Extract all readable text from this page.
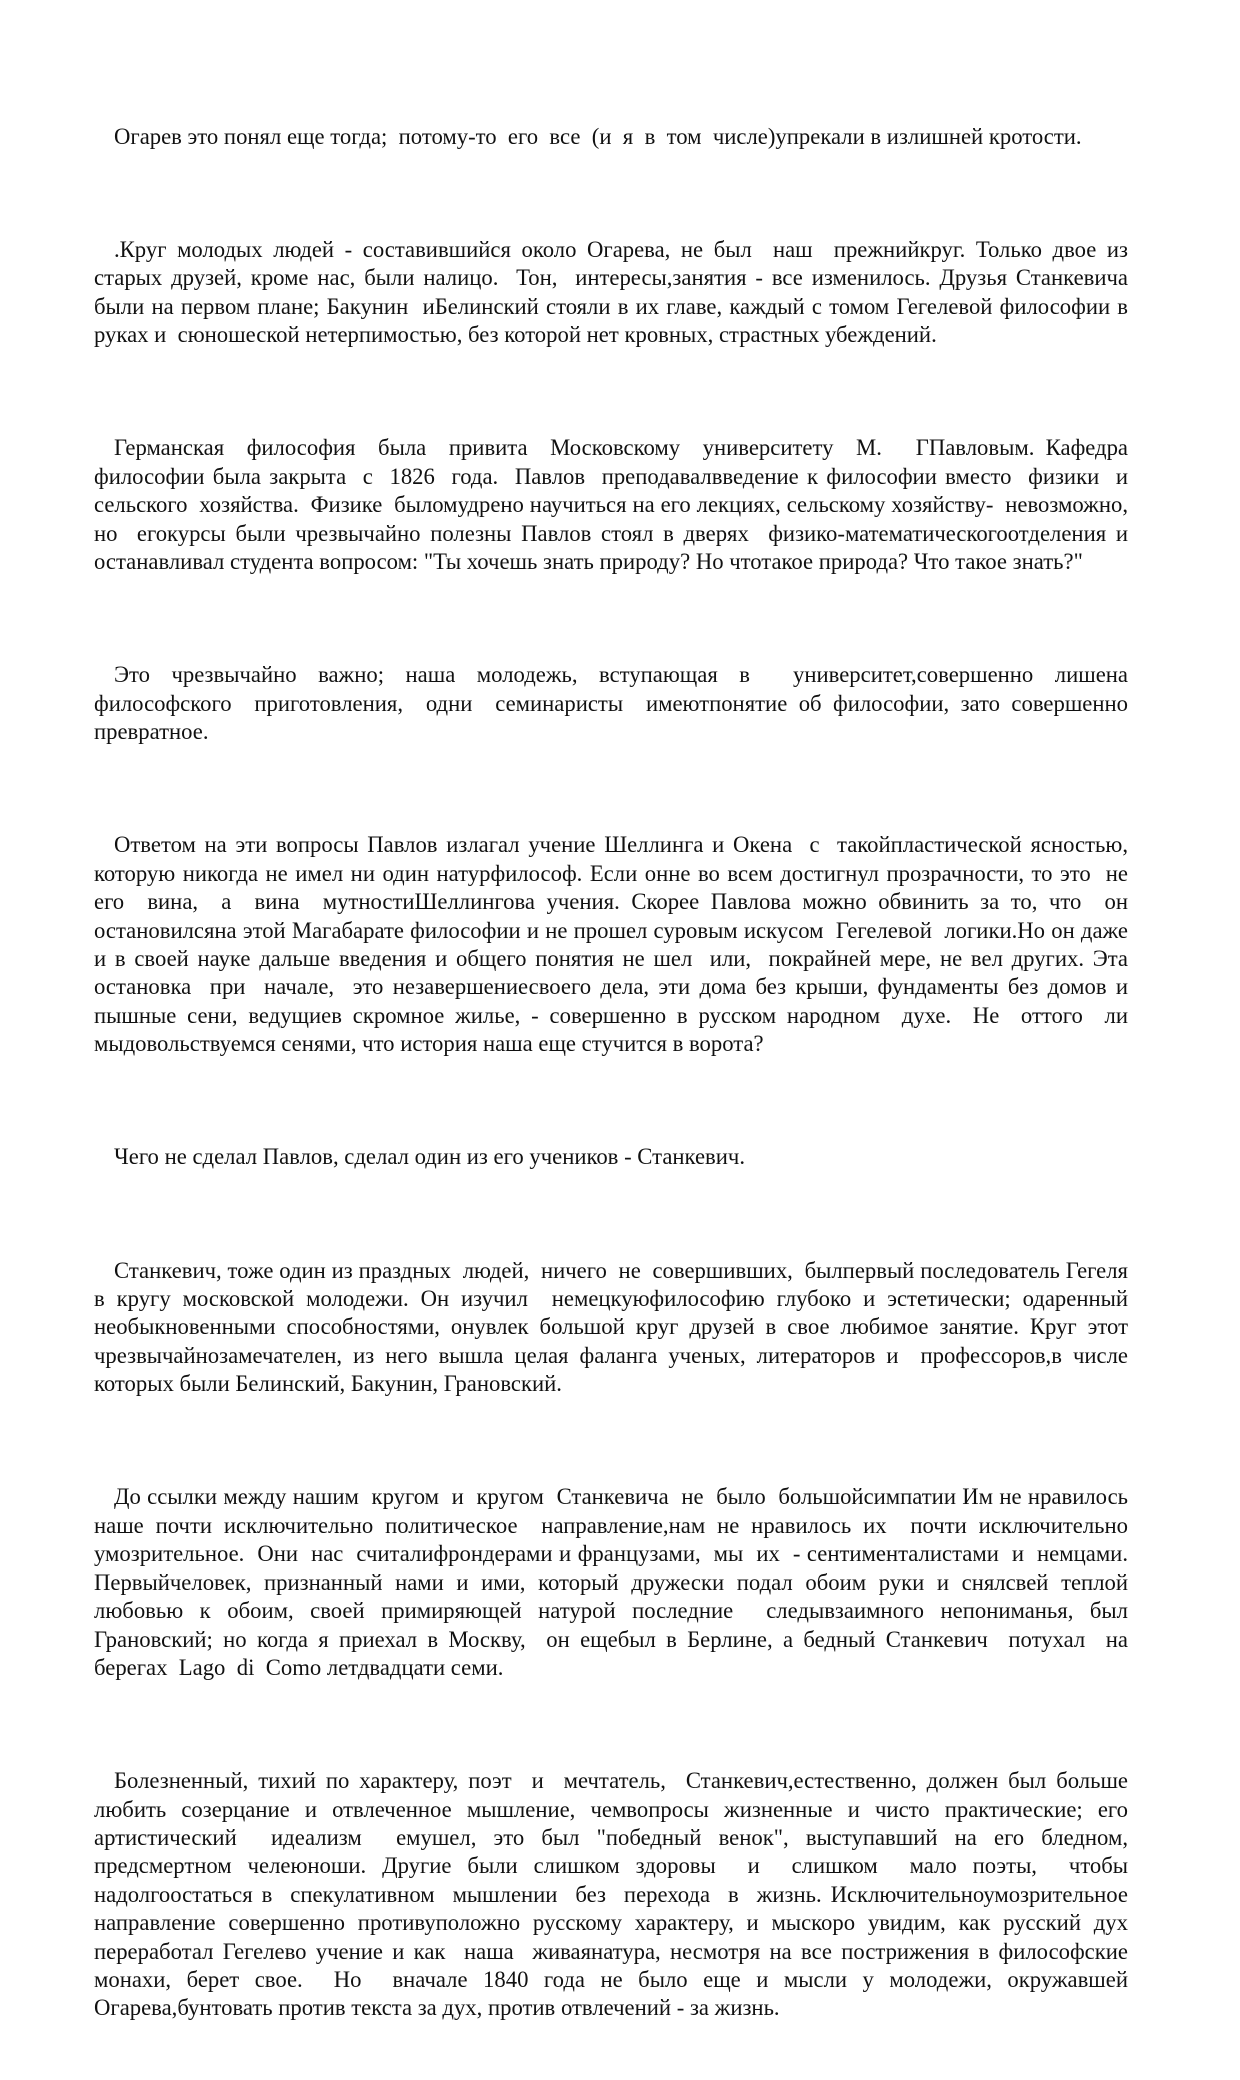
Огарев это понял еще тогда;  потому-то  его  все  (и  я  в  том  числе)упрекали в излишней кротости.

.Круг молодых людей - составившийся около Огарева, не был  наш  прежнийкруг. Только двое из старых друзей, кроме нас, были налицо.  Тон,  интересы,занятия - все изменилось. Друзья Станкевича были на первом плане; Бакунин  иБелинский стояли в их главе, каждый с томом Гегелевой философии в руках и  сюношеской нетерпимостью, без которой нет кровных, страстных убеждений.

Германская  философия  была  привита  Московскому  университету  М.   ГПавловым. Кафедра философии была закрыта  с  1826  года.  Павлов  преподавалвведение к философии вместо  физики  и  сельского  хозяйства.  Физике  быломудрено научиться на его лекциях, сельскому хозяйству-  невозможно,  но  егокурсы были чрезвычайно полезны Павлов стоял в дверях  физико-математическогоотделения и останавливал студента вопросом: "Ты хочешь знать природу? Но чтотакое природа? Что такое знать?"

Это чрезвычайно важно; наша молодежь, вступающая в  университет,совершенно лишена философского  приготовления,  одни  семинаристы  имеютпонятие об философии, зато совершенно превратное.

Ответом на эти вопросы Павлов излагал учение Шеллинга и Окена  с  такойпластической ясностью, которую никогда не имел ни один натурфилософ. Если онне во всем достигнул прозрачности, то это  не  его  вина,  а  вина  мутностиШеллингова учения. Скорее Павлова можно обвинить за то, что  он  остановилсяна этой Магабарате философии и не прошел суровым искусом  Гегелевой  логики.Но он даже и в своей науке дальше введения и общего понятия не шел  или,  покрайней мере, не вел других. Эта  остановка  при  начале,  это незавершениесвоего дела, эти дома без крыши, фундаменты без домов и пышные сени, ведущиев скромное жилье, - совершенно в русском народном  духе.  Не  оттого  ли мыдовольствуемся сенями, что история наша еще стучится в ворота?

Чего не сделал Павлов, сделал один из его учеников - Станкевич.

Станкевич, тоже один из праздных  людей,  ничего  не  совершивших,  былпервый последователь Гегеля в кругу московской молодежи. Он изучил  немецкуюфилософию глубоко и эстетически; одаренный необыкновенными способностями, онувлек большой круг друзей в свое любимое занятие. Круг этот чрезвычайнозамечателен, из него вышла целая фаланга ученых, литераторов и  профессоров,в числе которых были Белинский, Бакунин, Грановский.

До ссылки между нашим  кругом  и  кругом  Станкевича  не  было  большойсимпатии Им не нравилось наше почти исключительно политическое  направление,нам не нравилось их  почти исключительно  умозрительное.  Они  нас  считалифрондерами и французами,  мы  их  - сентименталистами  и  немцами.  Первыйчеловек, признанный нами и ими, который дружески подал обоим руки и снялсвей теплой любовью к обоим, своей примиряющей натурой последние  следывзаимного непониманья, был Грановский; но когда я приехал в Москву,  он ещебыл в Берлине, а бедный Станкевич  потухал  на  берегах  Lago  di  Como летдвадцати семи.

Болезненный, тихий по характеру, поэт  и  мечтатель,  Станкевич,естественно, должен был больше любить созерцание и отвлеченное мышление, чемвопросы жизненные и чисто практические; его артистический  идеализм  емушел, это был "победный венок", выступавший на его бледном, предсмертном челеюноши. Другие были слишком здоровы  и  слишком  мало поэты,  чтобы  надолгоостаться в  спекулативном  мышлении  без  перехода  в  жизнь. Исключительноумозрительное направление совершенно противуположно русскому характеру, и мыскоро увидим, как русский дух переработал Гегелево учение и как  наша  живаянатура, несмотря на все пострижения в философские монахи, берет свое.  Но  вначале 1840 года не было еще и мысли у молодежи, окружавшей Огарева,бунтовать против текста за дух, против отвлечений - за жизнь.
